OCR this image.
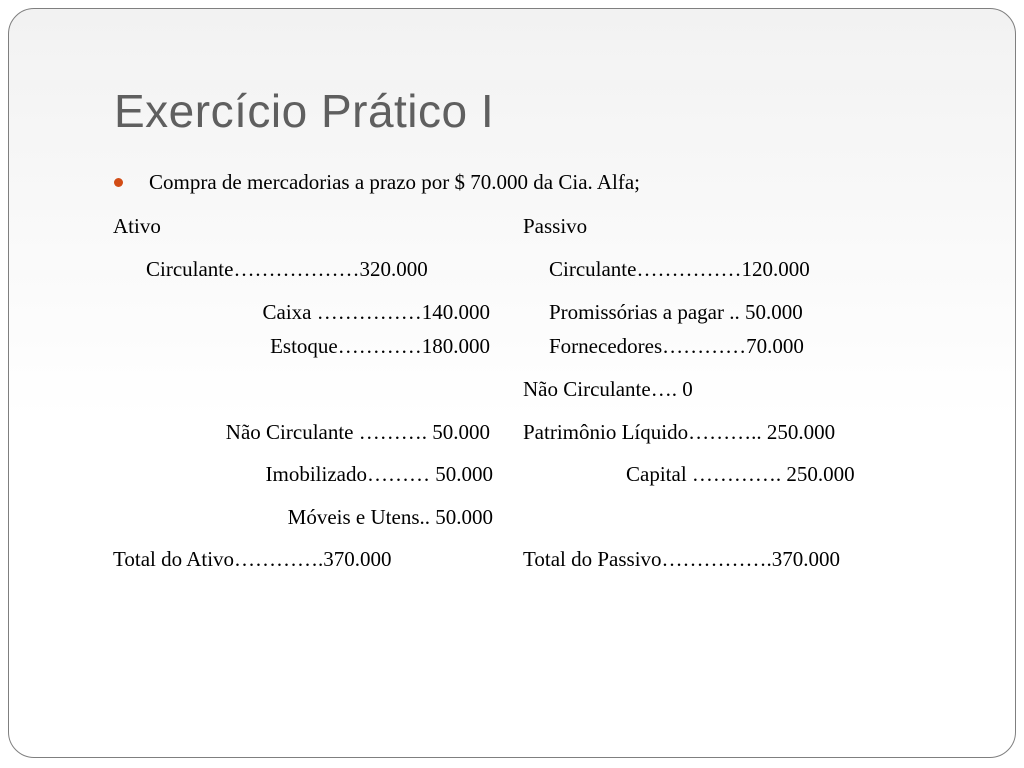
Exercício Prático I
Compra de mercadorias a prazo por $ 70.000 da Cia. Alfa;
Ativo
Circulante………………320.000
Caixa ……………140.000
Estoque…………180.000
Não Circulante ………. 50.000
Imobilizado……… 50.000
Móveis e Utens.. 50.000
Total do Ativo………….370.000
Passivo
Circulante……………120.000
Promissórias a pagar .. 50.000
Fornecedores…………70.000
Não Circulante…. 0
Patrimônio Líquido……….. 250.000
Capital …………. 250.000
Total do Passivo…………….370.000
